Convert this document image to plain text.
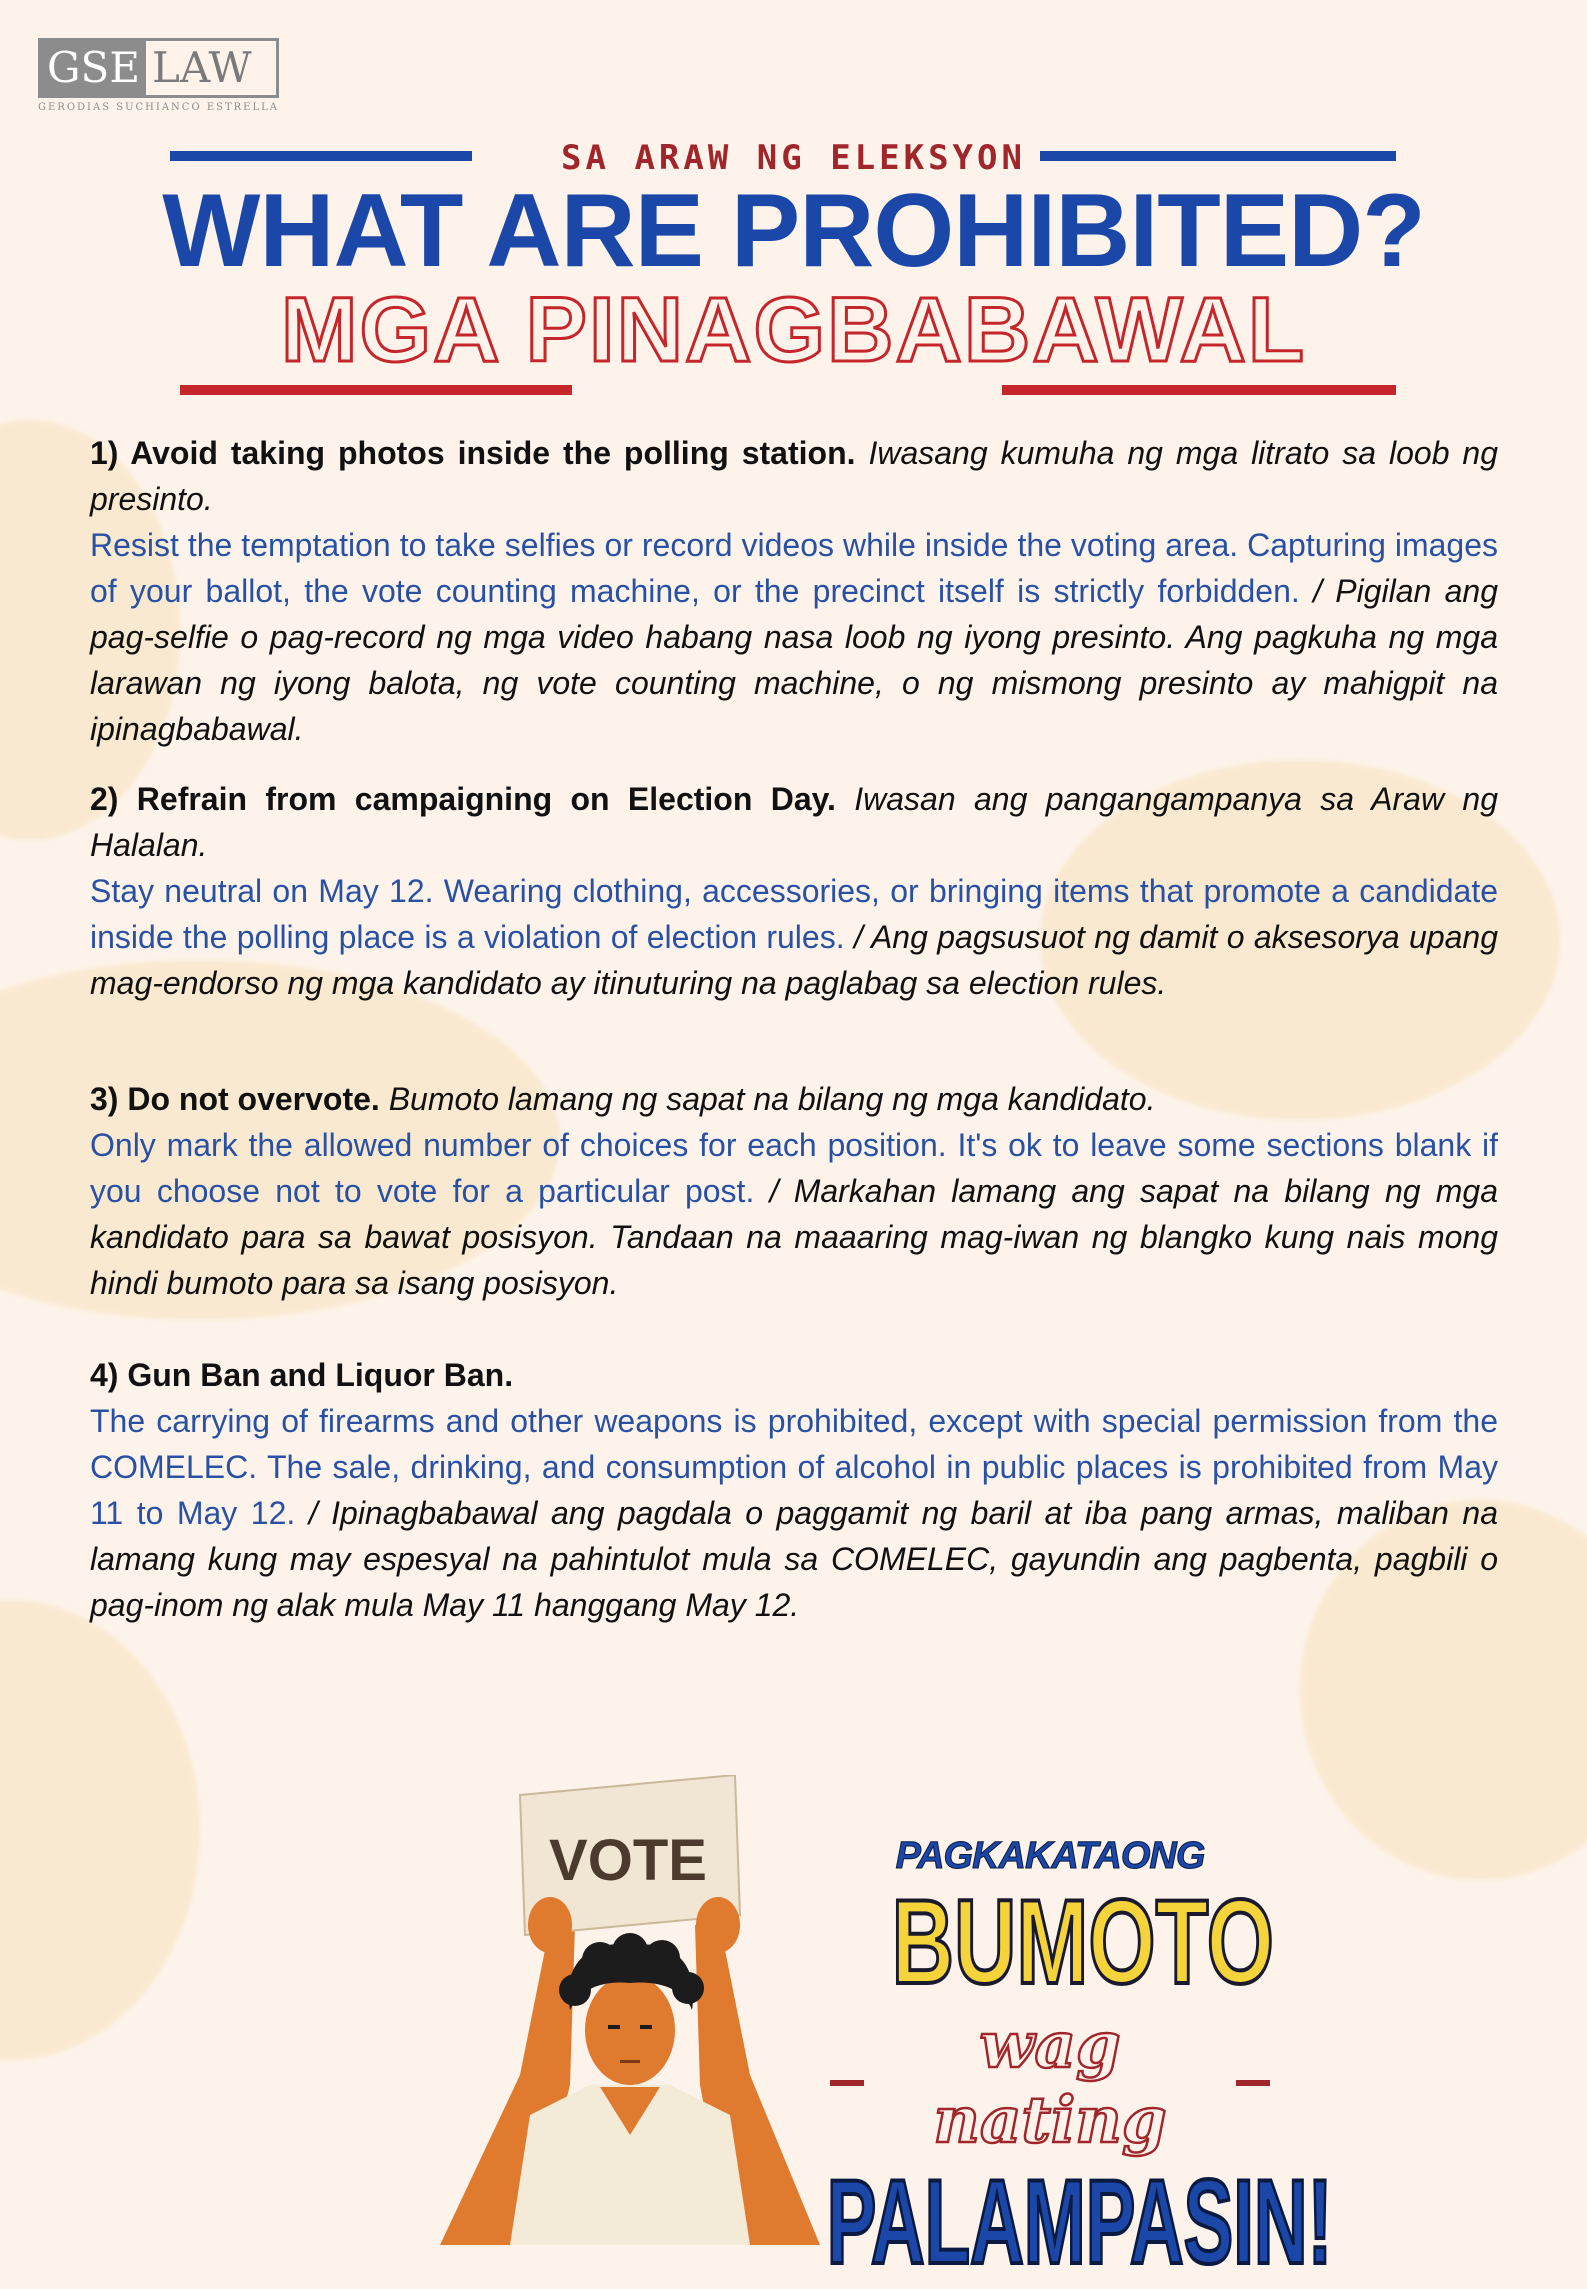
GSE LAW
GERODIAS SUCHIANCO ESTRELLA
SA ARAW NG ELEKSYON
WHAT ARE PROHIBITED?
MGA PINAGBABAWAL

1) Avoid taking photos inside the polling station. Iwasang kumuha ng mga litrato sa loob ng presinto.

Resist the temptation to take selfies or record videos while inside the voting area. Capturing images of your ballot, the vote counting machine, or the precinct itself is strictly forbidden. / Pigilan ang pag-selfie o pag-record ng mga video habang nasa loob ng iyong presinto. Ang pagkuha ng mga larawan ng iyong balota, ng vote counting machine, o ng mismong presinto ay mahigpit na ipinagbabawal.

2) Refrain from campaigning on Election Day. Iwasan ang pangangampanya sa Araw ng Halalan.

Stay neutral on May 12. Wearing clothing, accessories, or bringing items that promote a candidate inside the polling place is a violation of election rules. / Ang pagsusuot ng damit o aksesorya upang mag-endorso ng mga kandidato ay itinuturing na paglabag sa election rules.

3) Do not overvote. Bumoto lamang ng sapat na bilang ng mga kandidato.

Only mark the allowed number of choices for each position. It's ok to leave some sections blank if you choose not to vote for a particular post. / Markahan lamang ang sapat na bilang ng mga kandidato para sa bawat posisyon. Tandaan na maaaring mag-iwan ng blangko kung nais mong hindi bumoto para sa isang posisyon.

4) Gun Ban and Liquor Ban.

The carrying of firearms and other weapons is prohibited, except with special permission from the COMELEC. The sale, drinking, and consumption of alcohol in public places is prohibited from May 11 to May 12. / Ipinagbabawal ang pagdala o paggamit ng baril at iba pang armas, maliban na lamang kung may espesyal na pahintulot mula sa COMELEC, gayundin ang pagbenta, pagbili o pag-inom ng alak mula May 11 hanggang May 12.

VOTE	PAGKAKATAONG
BUMOTO
wag nating
PALAMPASIN!
